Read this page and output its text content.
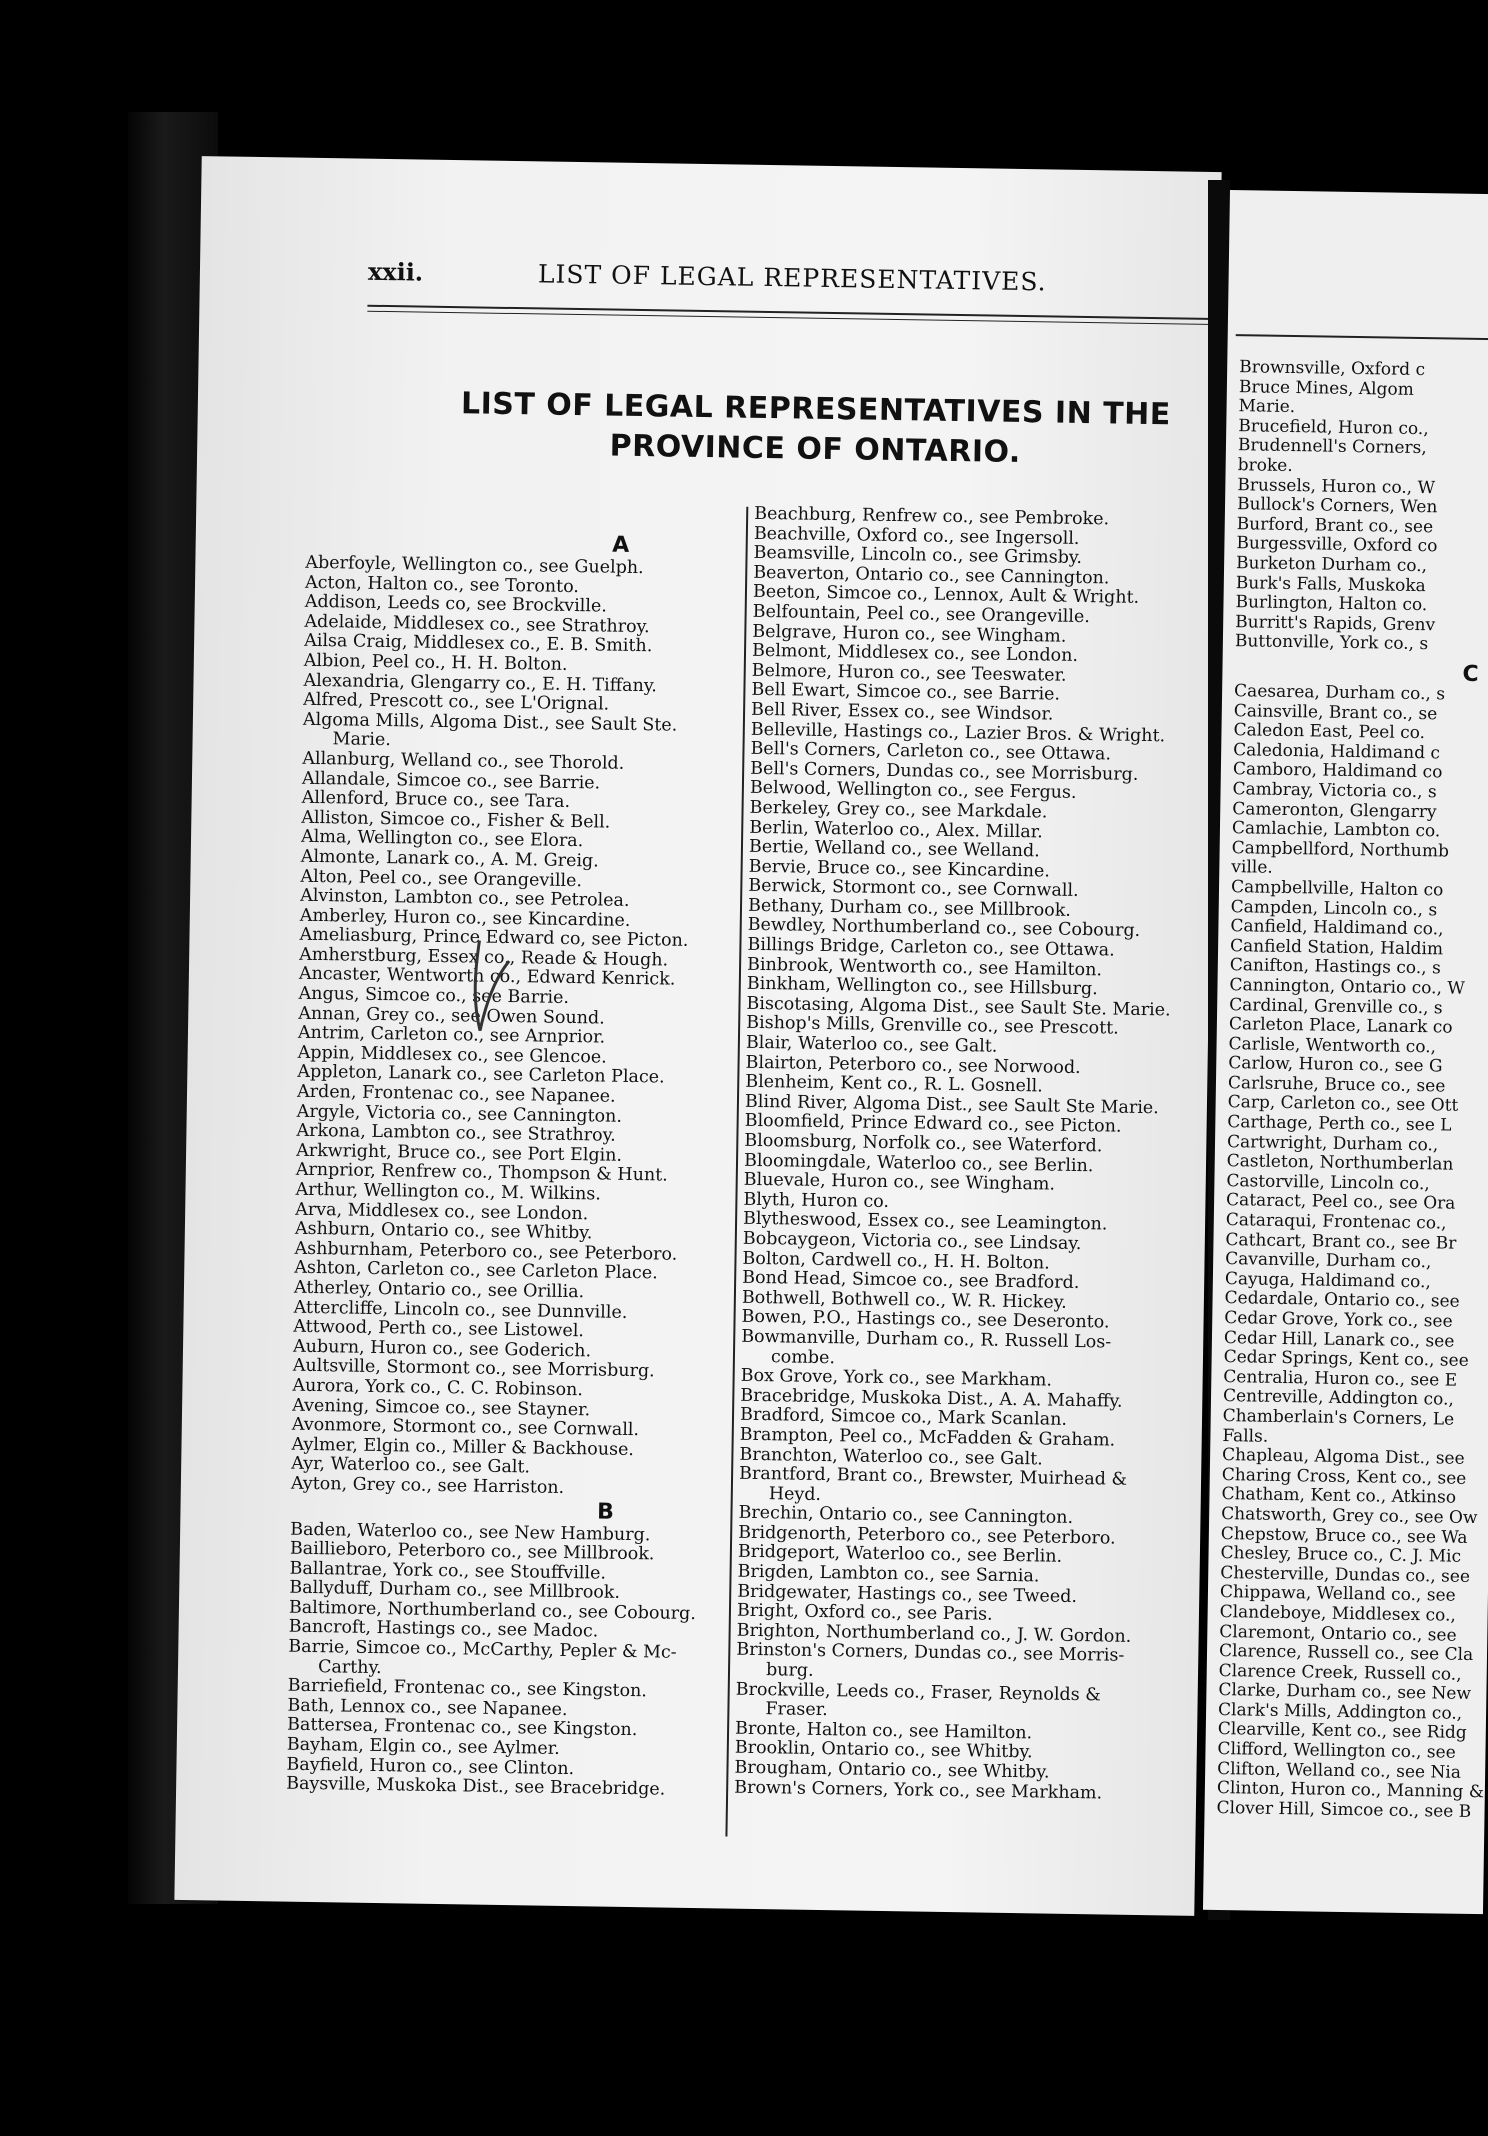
xxii.	LIST OF LEGAL REPRESENTATIVES.
LIST OF LEGAL REPRESENTATIVES IN THE PROVINCE OF ONTARIO.
A
Aberfoyle, Wellington co., see Guelph.
Acton, Halton co., see Toronto.
Addison, Leeds co, see Brockville.
Adelaide, Middlesex co., see Strathroy.
Ailsa Craig, Middlesex co., E. B. Smith.
Albion, Peel co., H. H. Bolton.
Alexandria, Glengarry co., E. H. Tiffany.
Alfred, Prescott co., see L'Orignal.
Algoma Mills, Algoma Dist., see Sault Ste.
Marie.
Allanburg, Welland co., see Thorold.
Allandale, Simcoe co., see Barrie.
Allenford, Bruce co., see Tara.
Alliston, Simcoe co., Fisher & Bell.
Alma, Wellington co., see Elora.
Almonte, Lanark co., A. M. Greig.
Alton, Peel co., see Orangeville.
Alvinston, Lambton co., see Petrolea.
Amberley, Huron co., see Kincardine.
Ameliasburg, Prince Edward co, see Picton.
Amherstburg, Essex co., Reade & Hough.
Ancaster, Wentworth co., Edward Kenrick.
Angus, Simcoe co., see Barrie.
Annan, Grey co., see Owen Sound.
Antrim, Carleton co., see Arnprior.
Appin, Middlesex co., see Glencoe.
Appleton, Lanark co., see Carleton Place.
Arden, Frontenac co., see Napanee.
Argyle, Victoria co., see Cannington.
Arkona, Lambton co., see Strathroy.
Arkwright, Bruce co., see Port Elgin.
Arnprior, Renfrew co., Thompson & Hunt.
Arthur, Wellington co., M. Wilkins.
Arva, Middlesex co., see London.
Ashburn, Ontario co., see Whitby.
Ashburnham, Peterboro co., see Peterboro.
Ashton, Carleton co., see Carleton Place.
Atherley, Ontario co., see Orillia.
Attercliffe, Lincoln co., see Dunnville.
Attwood, Perth co., see Listowel.
Auburn, Huron co., see Goderich.
Aultsville, Stormont co., see Morrisburg.
Aurora, York co., C. C. Robinson.
Avening, Simcoe co., see Stayner.
Avonmore, Stormont co., see Cornwall.
Aylmer, Elgin co., Miller & Backhouse.
Ayr, Waterloo co., see Galt.
Ayton, Grey co., see Harriston.
B
Baden, Waterloo co., see New Hamburg.
Baillieboro, Peterboro co., see Millbrook.
Ballantrae, York co., see Stouffville.
Ballyduff, Durham co., see Millbrook.
Baltimore, Northumberland co., see Cobourg.
Bancroft, Hastings co., see Madoc.
Barrie, Simcoe co., McCarthy, Pepler & Mc-
Carthy.
Barriefield, Frontenac co., see Kingston.
Bath, Lennox co., see Napanee.
Battersea, Frontenac co., see Kingston.
Bayham, Elgin co., see Aylmer.
Bayfield, Huron co., see Clinton.
Baysville, Muskoka Dist., see Bracebridge.
Beachburg, Renfrew co., see Pembroke.
Beachville, Oxford co., see Ingersoll.
Beamsville, Lincoln co., see Grimsby.
Beaverton, Ontario co., see Cannington.
Beeton, Simcoe co., Lennox, Ault & Wright.
Belfountain, Peel co., see Orangeville.
Belgrave, Huron co., see Wingham.
Belmont, Middlesex co., see London.
Belmore, Huron co., see Teeswater.
Bell Ewart, Simcoe co., see Barrie.
Bell River, Essex co., see Windsor.
Belleville, Hastings co., Lazier Bros. & Wright.
Bell's Corners, Carleton co., see Ottawa.
Bell's Corners, Dundas co., see Morrisburg.
Belwood, Wellington co., see Fergus.
Berkeley, Grey co., see Markdale.
Berlin, Waterloo co., Alex. Millar.
Bertie, Welland co., see Welland.
Bervie, Bruce co., see Kincardine.
Berwick, Stormont co., see Cornwall.
Bethany, Durham co., see Millbrook.
Bewdley, Northumberland co., see Cobourg.
Billings Bridge, Carleton co., see Ottawa.
Binbrook, Wentworth co., see Hamilton.
Binkham, Wellington co., see Hillsburg.
Biscotasing, Algoma Dist., see Sault Ste. Marie.
Bishop's Mills, Grenville co., see Prescott.
Blair, Waterloo co., see Galt.
Blairton, Peterboro co., see Norwood.
Blenheim, Kent co., R. L. Gosnell.
Blind River, Algoma Dist., see Sault Ste Marie.
Bloomfield, Prince Edward co., see Picton.
Bloomsburg, Norfolk co., see Waterford.
Bloomingdale, Waterloo co., see Berlin.
Bluevale, Huron co., see Wingham.
Blyth, Huron co.
Blytheswood, Essex co., see Leamington.
Bobcaygeon, Victoria co., see Lindsay.
Bolton, Cardwell co., H. H. Bolton.
Bond Head, Simcoe co., see Bradford.
Bothwell, Bothwell co., W. R. Hickey.
Bowen, P.O., Hastings co., see Deseronto.
Bowmanville, Durham co., R. Russell Los-
combe.
Box Grove, York co., see Markham.
Bracebridge, Muskoka Dist., A. A. Mahaffy.
Bradford, Simcoe co., Mark Scanlan.
Brampton, Peel co., McFadden & Graham.
Branchton, Waterloo co., see Galt.
Brantford, Brant co., Brewster, Muirhead &
Heyd.
Brechin, Ontario co., see Cannington.
Bridgenorth, Peterboro co., see Peterboro.
Bridgeport, Waterloo co., see Berlin.
Brigden, Lambton co., see Sarnia.
Bridgewater, Hastings co., see Tweed.
Bright, Oxford co., see Paris.
Brighton, Northumberland co., J. W. Gordon.
Brinston's Corners, Dundas co., see Morris-
burg.
Brockville, Leeds co., Fraser, Reynolds &
Fraser.
Bronte, Halton co., see Hamilton.
Brooklin, Ontario co., see Whitby.
Brougham, Ontario co., see Whitby.
Brown's Corners, York co., see Markham.
Brownsville, Oxford c
Bruce Mines, Algom
Marie.
Brucefield, Huron co.,
Brudennell's Corners,
broke.
Brussels, Huron co., W
Bullock's Corners, Wen
Burford, Brant co., see
Burgessville, Oxford co
Burketon Durham co.,
Burk's Falls, Muskoka
Burlington, Halton co.
Burritt's Rapids, Grenv
Buttonville, York co., s
C
Caesarea, Durham co., s
Cainsville, Brant co., se
Caledon East, Peel co.
Caledonia, Haldimand c
Camboro, Haldimand co
Cambray, Victoria co., s
Cameronton, Glengarry
Camlachie, Lambton co.
Campbellford, Northumb
ville.
Campbellville, Halton co
Campden, Lincoln co., s
Canfield, Haldimand co.,
Canfield Station, Haldim
Canifton, Hastings co., s
Cannington, Ontario co., W
Cardinal, Grenville co., s
Carleton Place, Lanark co
Carlisle, Wentworth co.,
Carlow, Huron co., see G
Carlsruhe, Bruce co., see
Carp, Carleton co., see Ott
Carthage, Perth co., see L
Cartwright, Durham co.,
Castleton, Northumberlan
Castorville, Lincoln co.,
Cataract, Peel co., see Ora
Cataraqui, Frontenac co.,
Cathcart, Brant co., see Br
Cavanville, Durham co.,
Cayuga, Haldimand co.,
Cedardale, Ontario co., see
Cedar Grove, York co., see
Cedar Hill, Lanark co., see
Cedar Springs, Kent co., see
Centralia, Huron co., see E
Centreville, Addington co.,
Chamberlain's Corners, Le
Falls.
Chapleau, Algoma Dist., see
Charing Cross, Kent co., see
Chatham, Kent co., Atkinso
Chatsworth, Grey co., see Ow
Chepstow, Bruce co., see Wa
Chesley, Bruce co., C. J. Mic
Chesterville, Dundas co., see
Chippawa, Welland co., see
Clandeboye, Middlesex co.,
Claremont, Ontario co., see
Clarence, Russell co., see Cla
Clarence Creek, Russell co.,
Clarke, Durham co., see New
Clark's Mills, Addington co.,
Clearville, Kent co., see Ridg
Clifford, Wellington co., see
Clifton, Welland co., see Nia
Clinton, Huron co., Manning &
Clover Hill, Simcoe co., see B
